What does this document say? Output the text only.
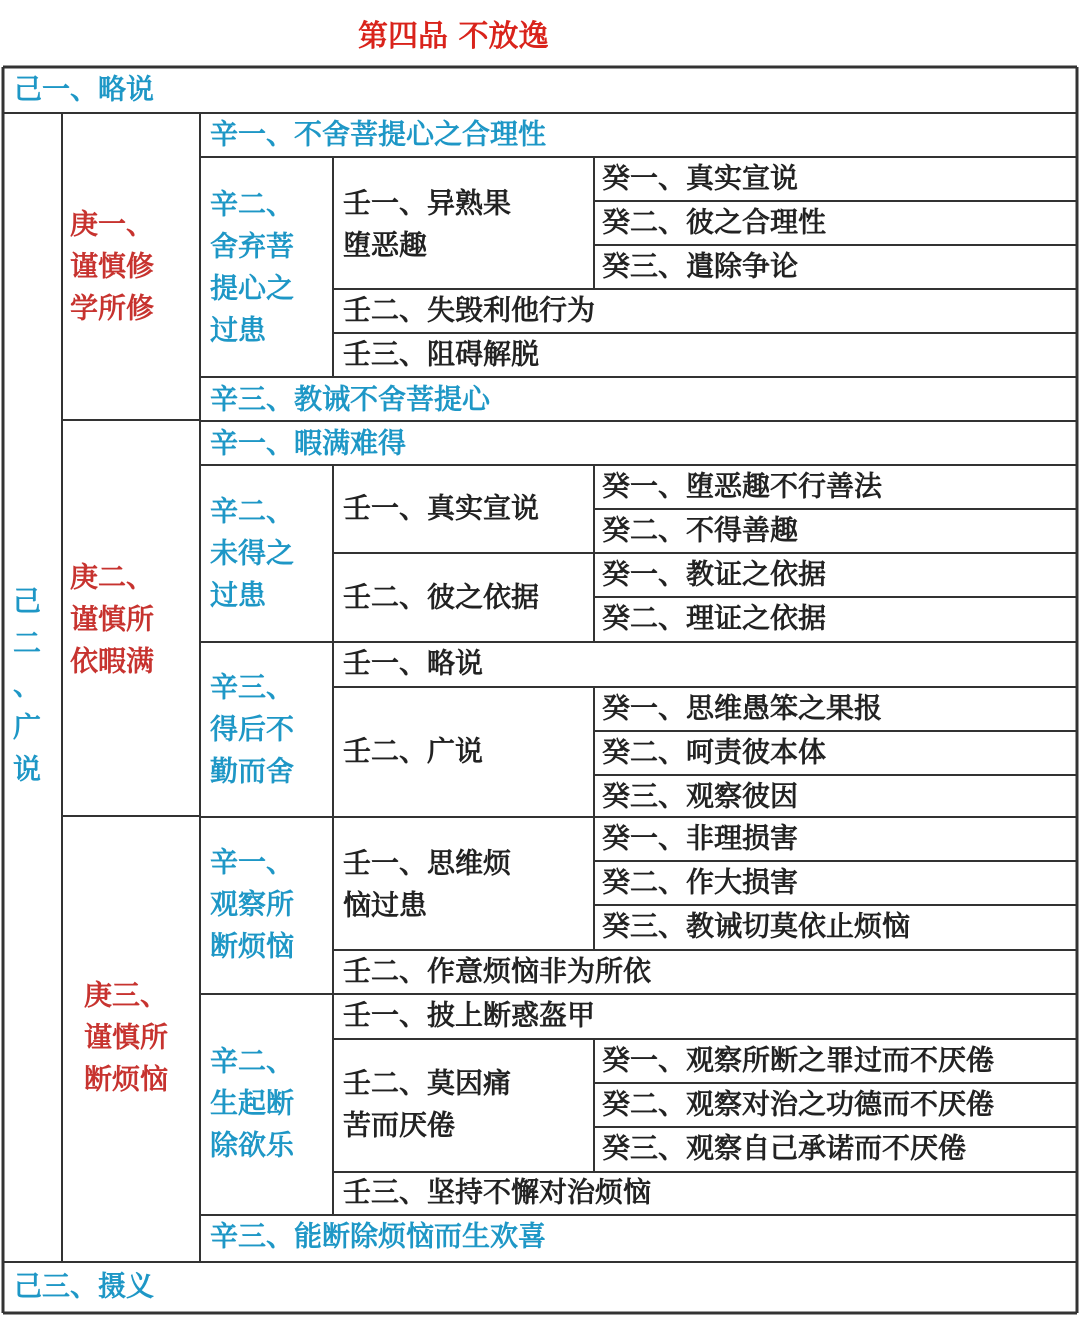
第四品 不放逸
己一、略说
己三、摄义
己二、广说
庚一、谨慎修学所修
辛一、不舍菩提心之合理性
辛二、舍弃菩提心之过患
壬一、异熟果堕恶趣
癸一、真实宣说
癸二、彼之合理性
癸三、遣除争论
壬二、失毁利他行为
壬三、阻碍解脱
辛三、教诫不舍菩提心
庚二、谨慎所依暇满
辛一、暇满难得
辛二、未得之过患
壬一、真实宣说
癸一、堕恶趣不行善法
癸二、不得善趣
壬二、彼之依据
癸一、教证之依据
癸二、理证之依据
辛三、得后不勤而舍
壬一、略说
壬二、广说
癸一、思维愚笨之果报
癸二、呵责彼本体
癸三、观察彼因
庚三、谨慎所断烦恼
辛一、观察所断烦恼
壬一、思维烦恼过患
癸一、非理损害
癸二、作大损害
癸三、教诫切莫依止烦恼
壬二、作意烦恼非为所依
辛二、生起断除欲乐
壬一、披上断惑盔甲
壬二、莫因痛苦而厌倦
癸一、观察所断之罪过而不厌倦
癸二、观察对治之功德而不厌倦
癸三、观察自己承诺而不厌倦
壬三、坚持不懈对治烦恼
辛三、能断除烦恼而生欢喜
